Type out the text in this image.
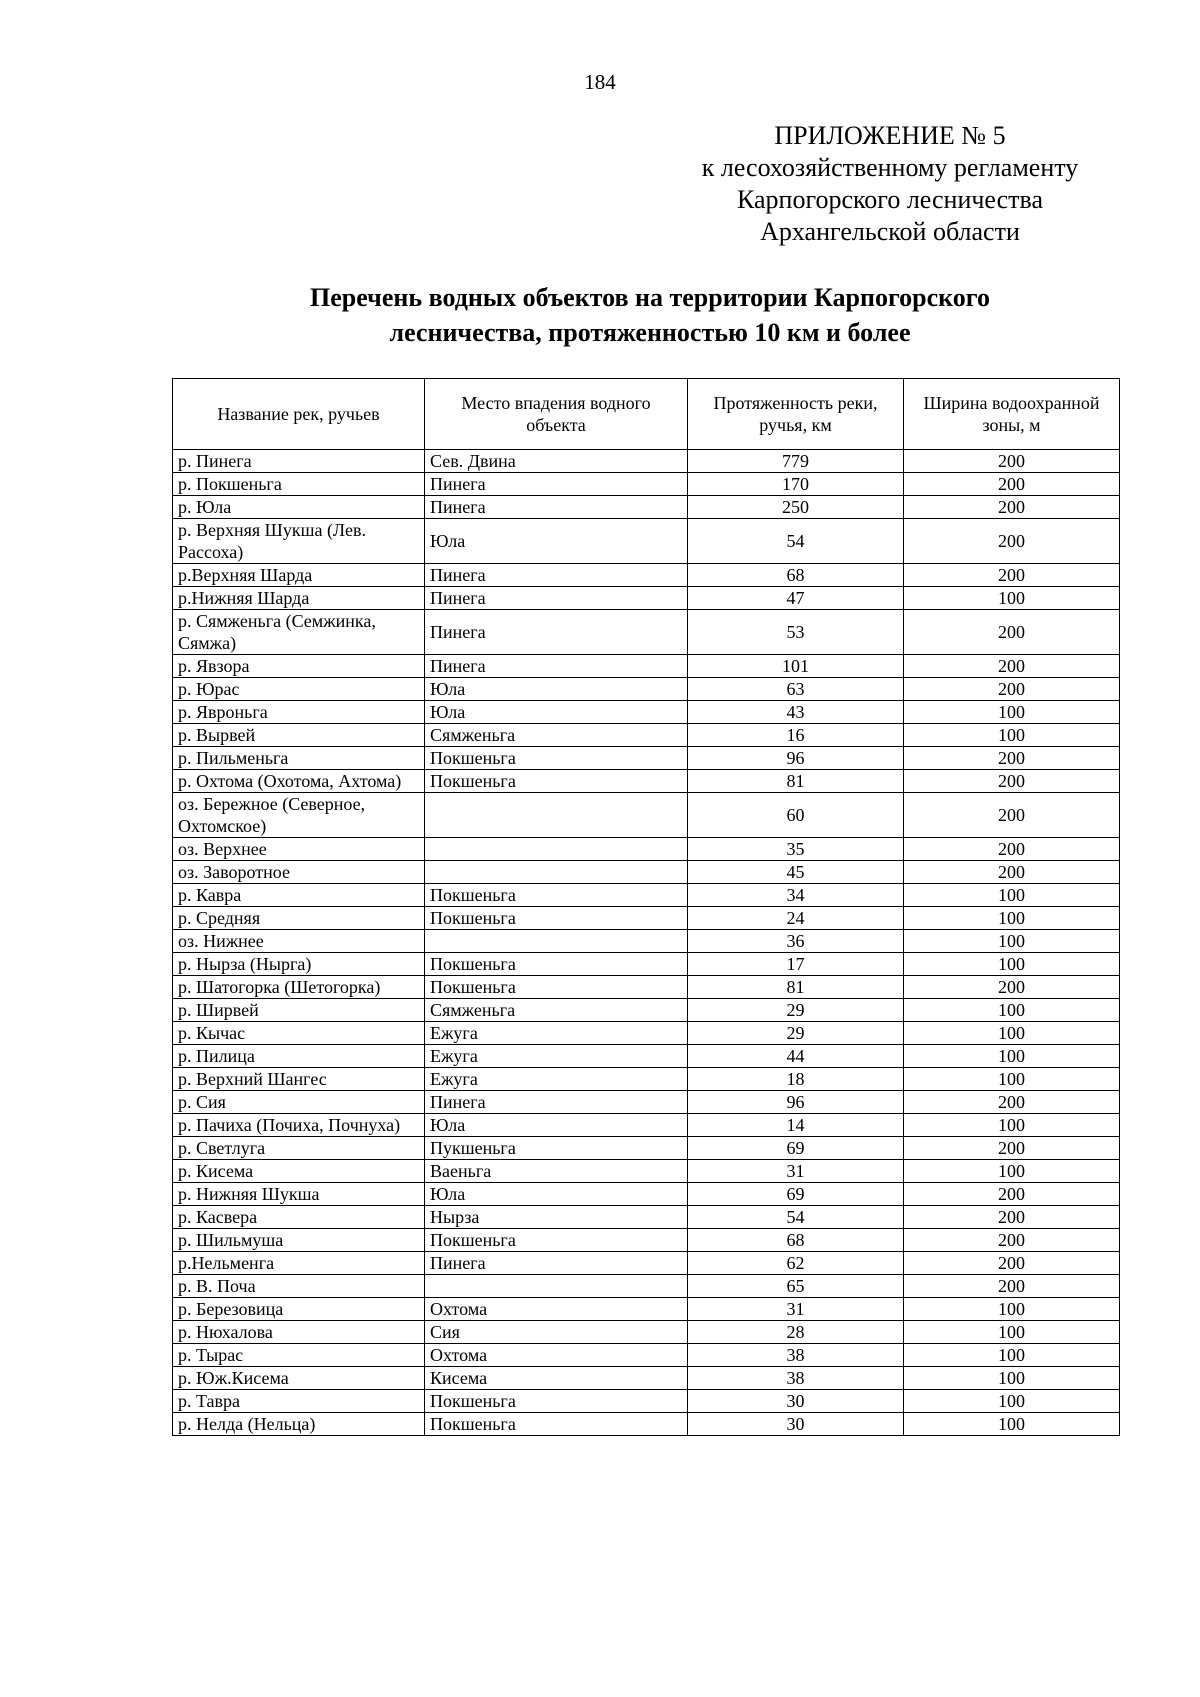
184
ПРИЛОЖЕНИЕ № 5
к лесохозяйственному регламенту
Карпогорского лесничества
Архангельской области
Перечень водных объектов на территории Карпогорского
лесничества, протяженностью 10 км и более
Название рек, ручьев	Место впадения водного объекта	Протяженность реки, ручья, км	Ширина водоохранной зоны, м
р. Пинега	Сев. Двина	779	200
р. Покшеньга	Пинега	170	200
р. Юла	Пинега	250	200
р. Верхняя Шукша (Лев. Рассоха)	Юла	54	200
р.Верхняя Шарда	Пинега	68	200
р.Нижняя Шарда	Пинега	47	100
р. Сямженьга (Семжинка, Сямжа)	Пинега	53	200
р. Явзора	Пинега	101	200
р. Юрас	Юла	63	200
р. Явроньга	Юла	43	100
р. Вырвей	Сямженьга	16	100
р. Пильменьга	Покшеньга	96	200
р. Охтома (Охотома, Ахтома)	Покшеньга	81	200
оз. Бережное (Северное, Охтомское)		60	200
оз. Верхнее		35	200
оз. Заворотное		45	200
р. Кавра	Покшеньга	34	100
р. Средняя	Покшеньга	24	100
оз. Нижнее		36	100
р. Нырза (Нырга)	Покшеньга	17	100
р. Шатогорка (Шетогорка)	Покшеньга	81	200
р. Ширвей	Сямженьга	29	100
р. Кычас	Ежуга	29	100
р. Пилица	Ежуга	44	100
р. Верхний Шангес	Ежуга	18	100
р. Сия	Пинега	96	200
р. Пачиха (Почиха, Почнуха)	Юла	14	100
р. Светлуга	Пукшеньга	69	200
р. Кисема	Ваеньга	31	100
р. Нижняя Шукша	Юла	69	200
р. Касвера	Нырза	54	200
р. Шильмуша	Покшеньга	68	200
р.Нельменга	Пинега	62	200
р. В. Поча		65	200
р. Березовица	Охтома	31	100
р. Нюхалова	Сия	28	100
р. Тырас	Охтома	38	100
р. Юж.Кисема	Кисема	38	100
р. Тавра	Покшеньга	30	100
р. Нелда (Нельца)	Покшеньга	30	100
